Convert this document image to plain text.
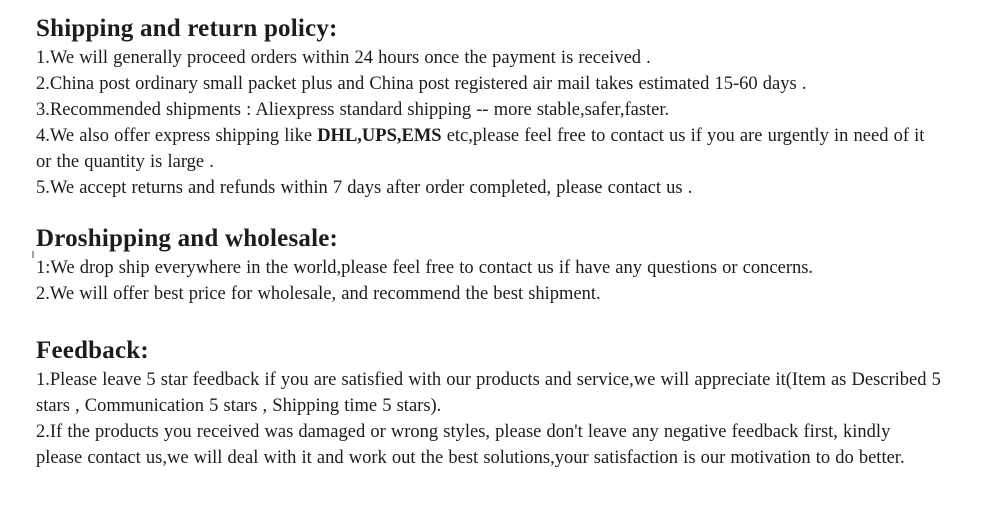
Shipping and return policy:

1.We will generally proceed orders within 24 hours once the payment is received .

2.China post ordinary small packet plus and China post registered air mail takes estimated 15-60 days .

3.Recommended shipments : Aliexpress standard shipping -- more stable,safer,faster.

4.We also offer express shipping like DHL,UPS,EMS etc,please feel free to contact us if you are urgently in need of it or the quantity is large .

5.We accept returns and refunds within 7 days after order completed, please contact us .

Droshipping and wholesale:

1:We drop ship everywhere in the world,please feel free to contact us if have any questions or concerns.

2.We will offer best price for wholesale, and recommend the best shipment.

Feedback:

1.Please leave 5 star feedback if you are satisfied with our products and service,we will appreciate it(Item as Described 5 stars , Communication 5 stars , Shipping time 5 stars).

2.If the products you received was damaged or wrong styles, please don't leave any negative feedback first, kindly please contact us,we will deal with it and work out the best solutions,your satisfaction is our motivation to do better.
